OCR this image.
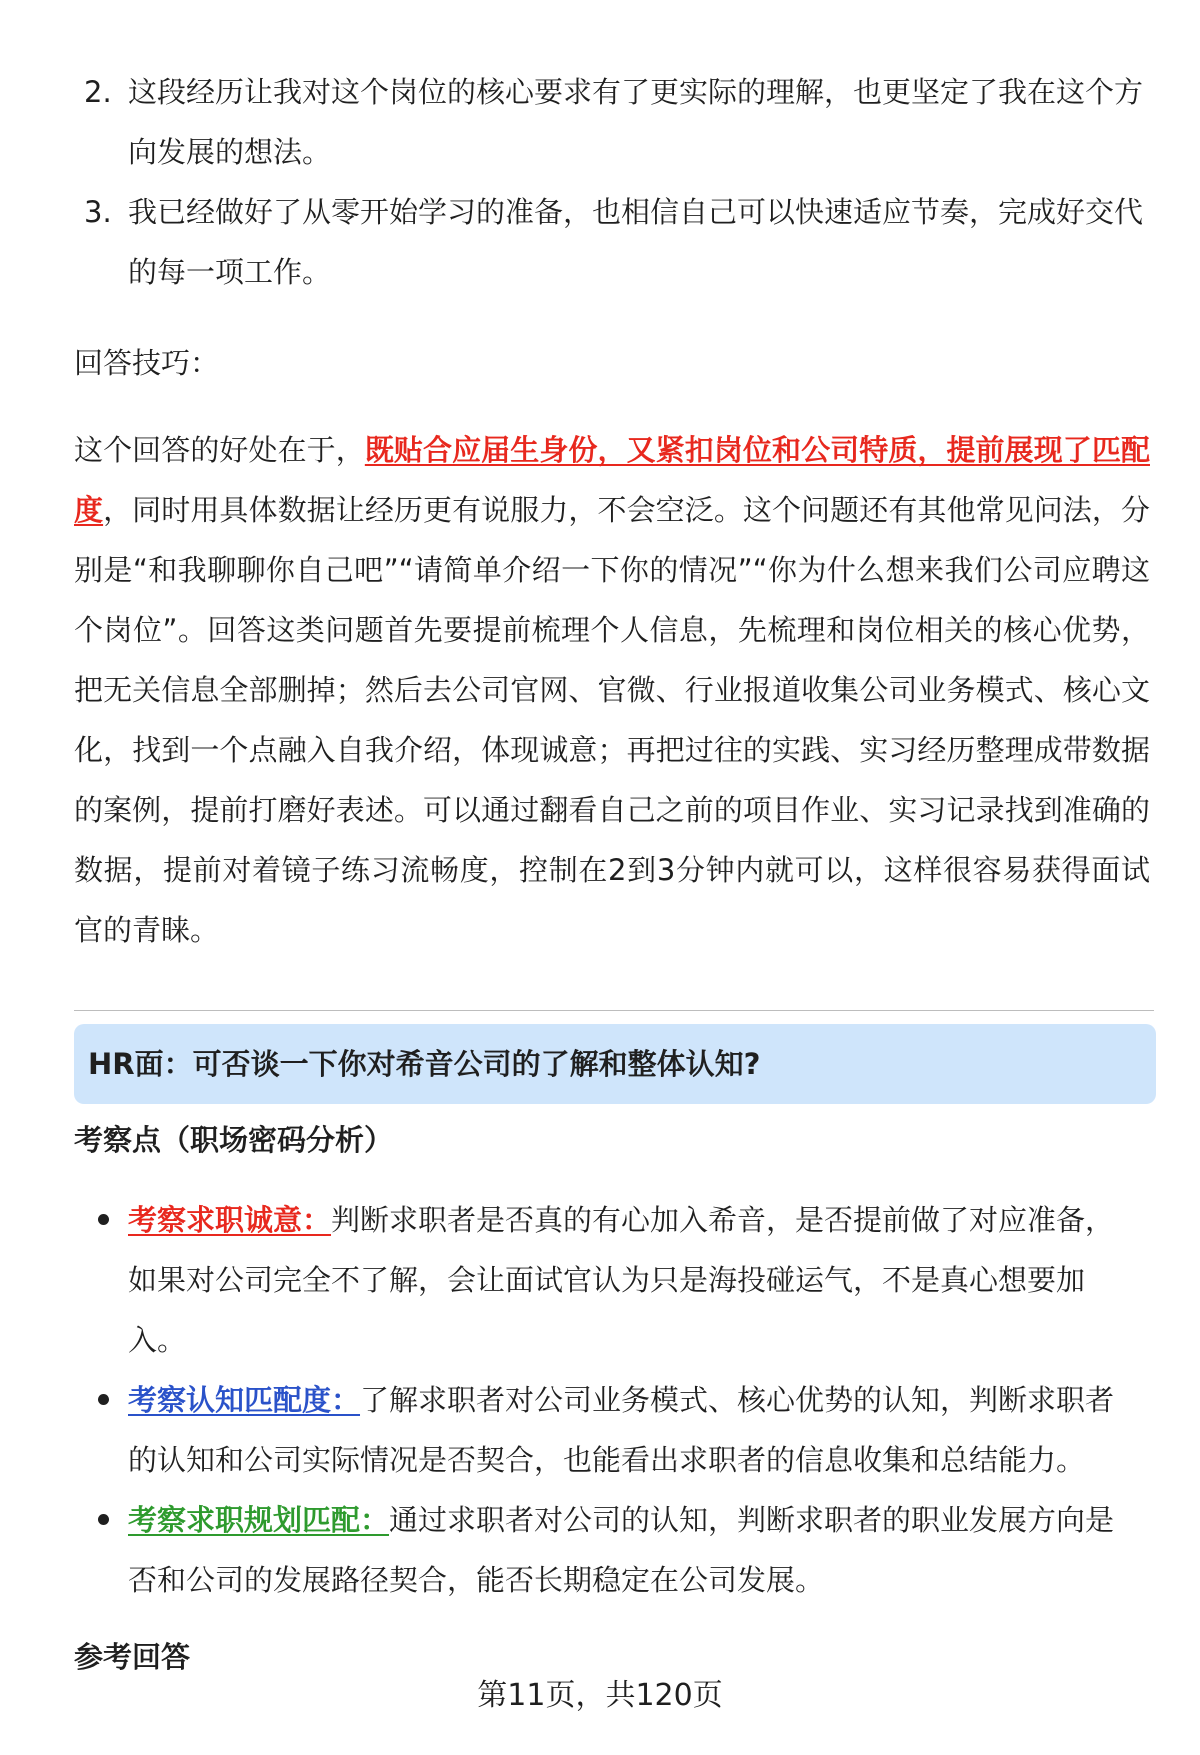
2. 这段经历让我对这个岗位的核心要求有了更实际的理解，也更坚定了我在这个方向发展的想法。
3. 我已经做好了从零开始学习的准备，也相信自己可以快速适应节奏，完成好交代的每一项工作。
回答技巧：
这个回答的好处在于，既贴合应届生身份，又紧扣岗位和公司特质，提前展现了匹配度，同时用具体数据让经历更有说服力，不会空泛。这个问题还有其他常见问法，分别是“和我聊聊你自己吧”“请简单介绍一下你的情况”“你为什么想来我们公司应聘这个岗位”。回答这类问题首先要提前梳理个人信息，先梳理和岗位相关的核心优势，把无关信息全部删掉；然后去公司官网、官微、行业报道收集公司业务模式、核心文化，找到一个点融入自我介绍，体现诚意；再把过往的实践、实习经历整理成带数据的案例，提前打磨好表述。可以通过翻看自己之前的项目作业、实习记录找到准确的数据，提前对着镜子练习流畅度，控制在2到3分钟内就可以，这样很容易获得面试官的青睐。
HR面：可否谈一下你对希音公司的了解和整体认知?
考察点（职场密码分析）
考察求职诚意：判断求职者是否真的有心加入希音，是否提前做了对应准备，如果对公司完全不了解，会让面试官认为只是海投碰运气，不是真心想要加入。
考察认知匹配度：了解求职者对公司业务模式、核心优势的认知，判断求职者的认知和公司实际情况是否契合，也能看出求职者的信息收集和总结能力。
考察求职规划匹配：通过求职者对公司的认知，判断求职者的职业发展方向是否和公司的发展路径契合，能否长期稳定在公司发展。
参考回答
第11页，共120页
